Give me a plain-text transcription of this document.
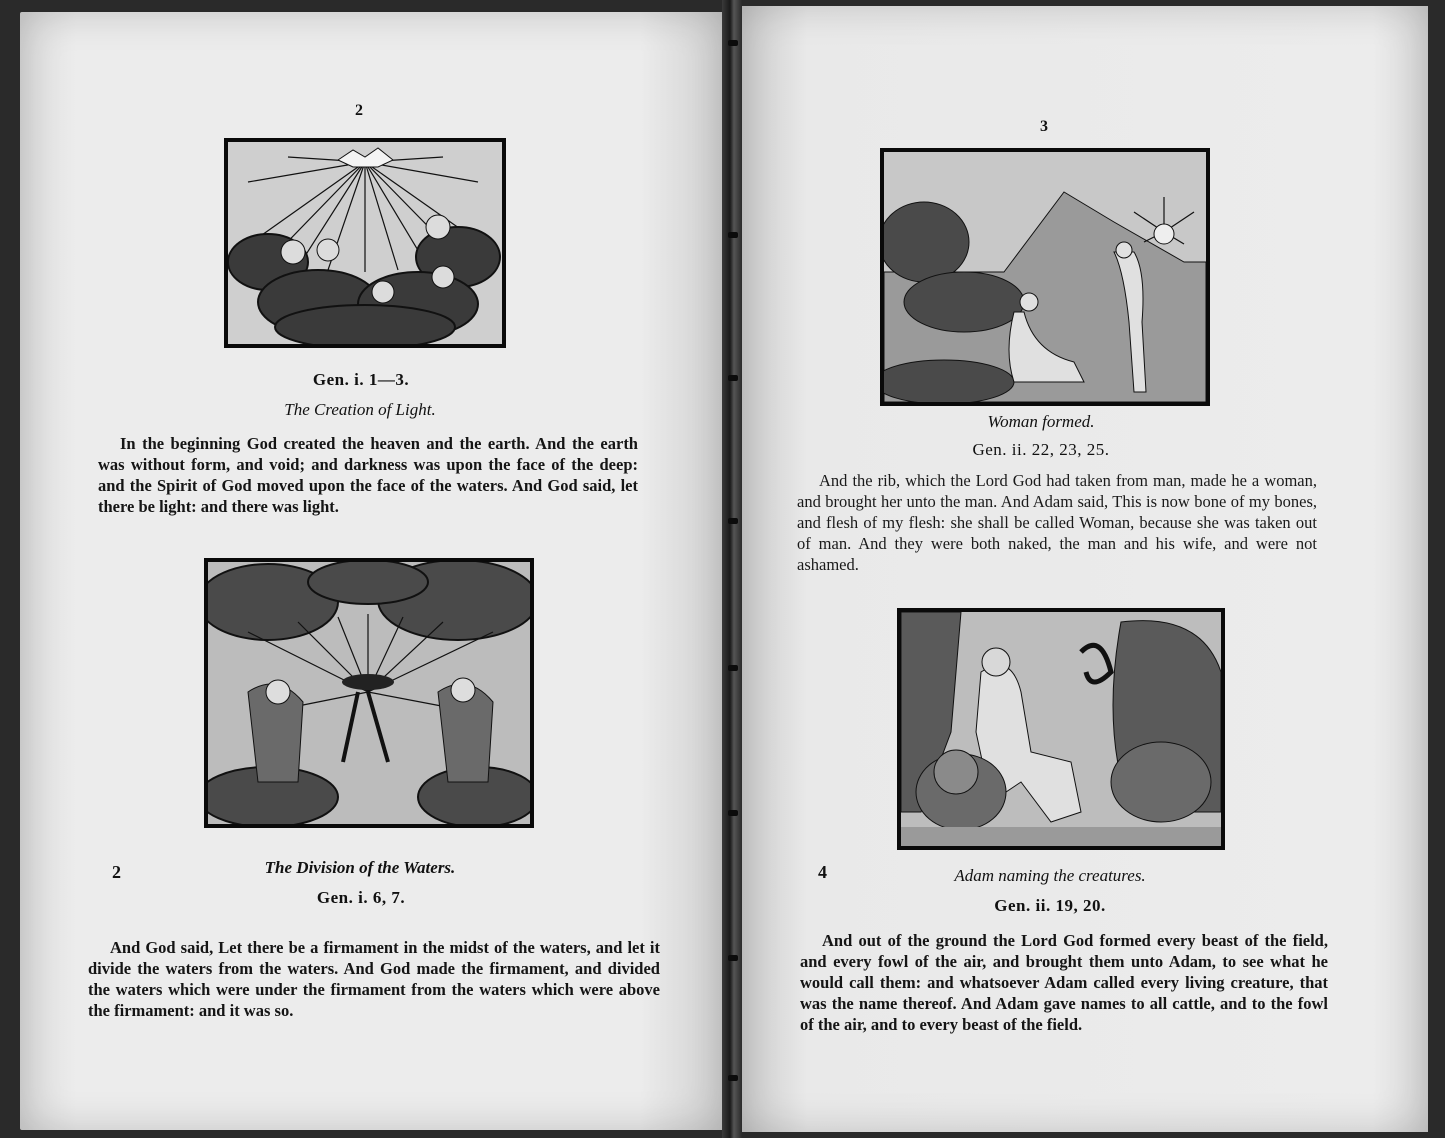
2
Gen. i. 1—3.
The Creation of Light.
In the beginning God created the heaven and the earth. And the earth was without form, and void; and darkness was upon the face of the deep: and the Spirit of God moved upon the face of the waters. And God said, let there be light: and there was light.
2	The Division of the Waters.
Gen. i. 6, 7.
And God said, Let there be a firmament in the midst of the waters, and let it divide the waters from the waters. And God made the firmament, and divided the waters which were under the firmament from the waters which were above the firmament: and it was so.
3
Woman formed.
Gen. ii. 22, 23, 25.
And the rib, which the Lord God had taken from man, made he a woman, and brought her unto the man. And Adam said, This is now bone of my bones, and flesh of my flesh: she shall be called Woman, because she was taken out of man. And they were both naked, the man and his wife, and were not ashamed.
4	Adam naming the creatures.
Gen. ii. 19, 20.
And out of the ground the Lord God formed every beast of the field, and every fowl of the air, and brought them unto Adam, to see what he would call them: and whatsoever Adam called every living creature, that was the name thereof. And Adam gave names to all cattle, and to the fowl of the air, and to every beast of the field.
